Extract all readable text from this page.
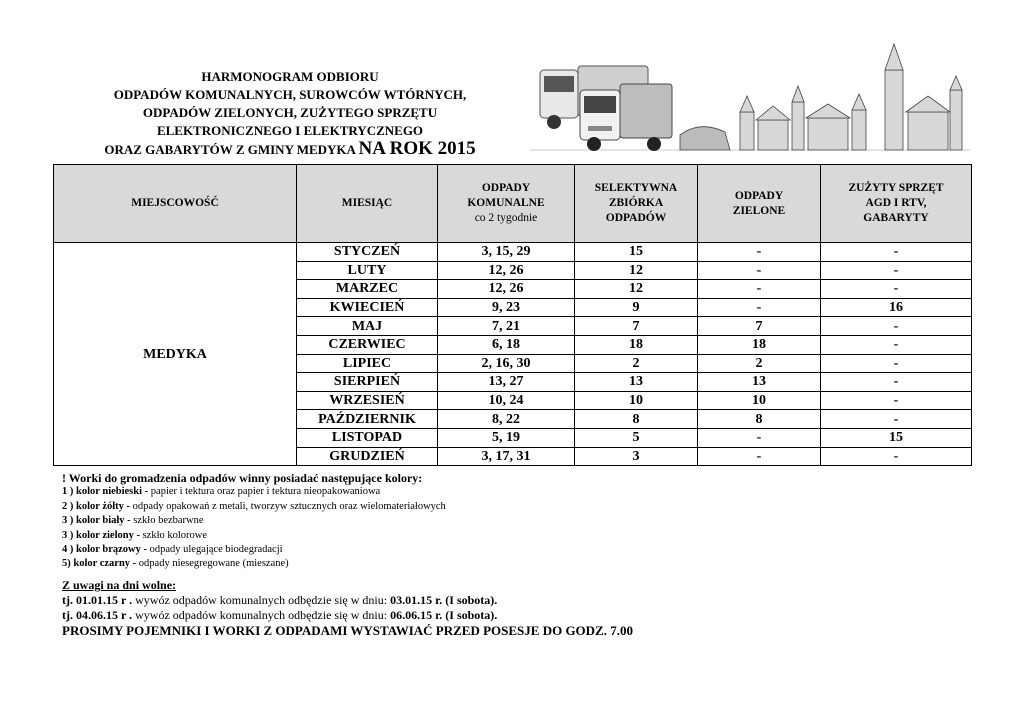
HARMONOGRAM ODBIORU
ODPADÓW KOMUNALNYCH, SUROWCÓW WTÓRNYCH,
ODPADÓW ZIELONYCH, ZUŻYTEGO SPRZĘTU
ELEKTRONICZNEGO I ELEKTRYCZNEGO
ORAZ GABARYTÓW Z GMINY MEDYKA NA ROK 2015
MIEJSCOWOŚĆ	MIESIĄC	ODPADY
KOMUNALNE
co 2 tygodnie	SELEKTYWNA
ZBIÓRKA
ODPADÓW	ODPADY
ZIELONE	ZUŻYTY SPRZĘT
AGD I RTV,
GABARYTY
MEDYKA	STYCZEŃ	3, 15, 29	15	-	-
	LUTY	12, 26	12	-	-
	MARZEC	12, 26	12	-	-
	KWIECIEŃ	9, 23	9	-	16
	MAJ	7, 21	7	7	-
	CZERWIEC	6, 18	18	18	-
	LIPIEC	2, 16, 30	2	2	-
	SIERPIEŃ	13, 27	13	13	-
	WRZESIEŃ	10, 24	10	10	-
	PAŹDZIERNIK	8, 22	8	8	-
	LISTOPAD	5, 19	5	-	15
	GRUDZIEŃ	3, 17, 31	3	-	-
! Worki do gromadzenia odpadów winny posiadać następujące kolory:
1 ) kolor niebieski - papier i tektura oraz papier i tektura nieopakowaniowa
2 ) kolor żółty - odpady opakowań z metali, tworzyw sztucznych oraz wielomateriałowych
3 ) kolor biały - szkło bezbarwne
3 ) kolor zielony - szkło kolorowe
4 ) kolor brązowy - odpady ulegające biodegradacji
5) kolor czarny - odpady niesegregowane (mieszane)
Z uwagi na dni wolne:
tj. 01.01.15 r . wywóz odpadów komunalnych odbędzie się w dniu: 03.01.15 r. (I sobota).
tj. 04.06.15 r . wywóz odpadów komunalnych odbędzie się w dniu: 06.06.15 r. (I sobota).
PROSIMY POJEMNIKI I WORKI Z ODPADAMI WYSTAWIAĆ PRZED POSESJE DO GODZ. 7.00
